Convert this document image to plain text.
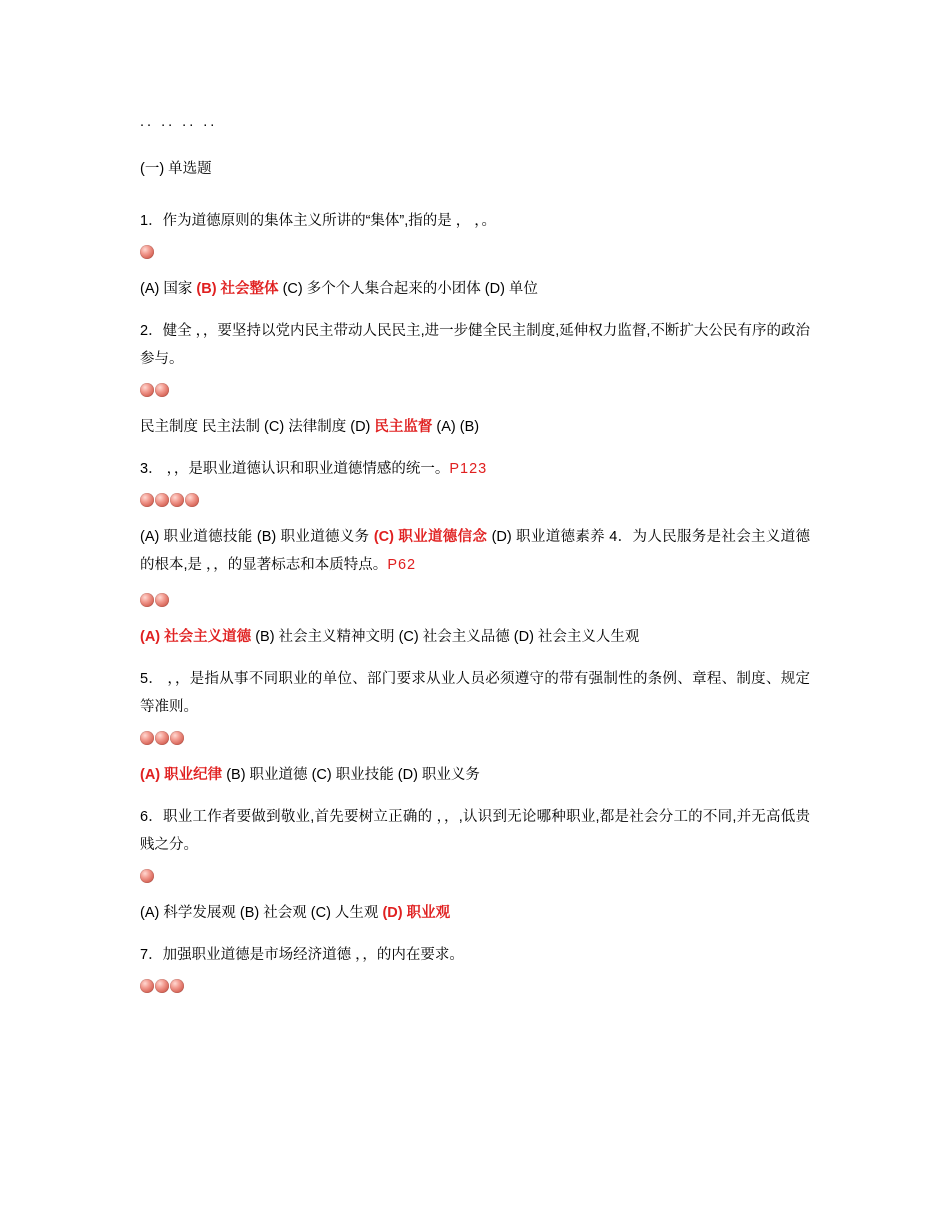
.. .. .. ..
(一) 单选题
1．作为道德原则的集体主义所讲的“集体”,指的是 ， ，。
(A) 国家 (B) 社会整体 (C) 多个个人集合起来的小团体 (D) 单位
2．健全 ，，要坚持以党内民主带动人民民主,进一步健全民主制度,延伸权力监督,不断扩大公民有序的政治参与。

民主制度 民主法制 (C) 法律制度 (D) 民主监督 (A) (B)
3． ，，是职业道德认识和职业道德情感的统一。P123

(A) 职业道德技能 (B) 职业道德义务 (C) 职业道德信念 (D) 职业道德素养 4．为人民服务是社会主义道德的根本,是 ，，的显著标志和本质特点。P62

(A) 社会主义道德 (B) 社会主义精神文明 (C) 社会主义品德 (D) 社会主义人生观
5． ，，是指从事不同职业的单位、部门要求从业人员必须遵守的带有强制性的条例、章程、制度、规定等准则。

(A) 职业纪律 (B) 职业道德 (C) 职业技能 (D) 职业义务
6．职业工作者要做到敬业,首先要树立正确的 ，，,认识到无论哪种职业,都是社会分工的不同,并无高低贵贱之分。
(A) 科学发展观 (B) 社会观 (C) 人生观 (D) 职业观
7．加强职业道德是市场经济道德 ，，的内在要求。
